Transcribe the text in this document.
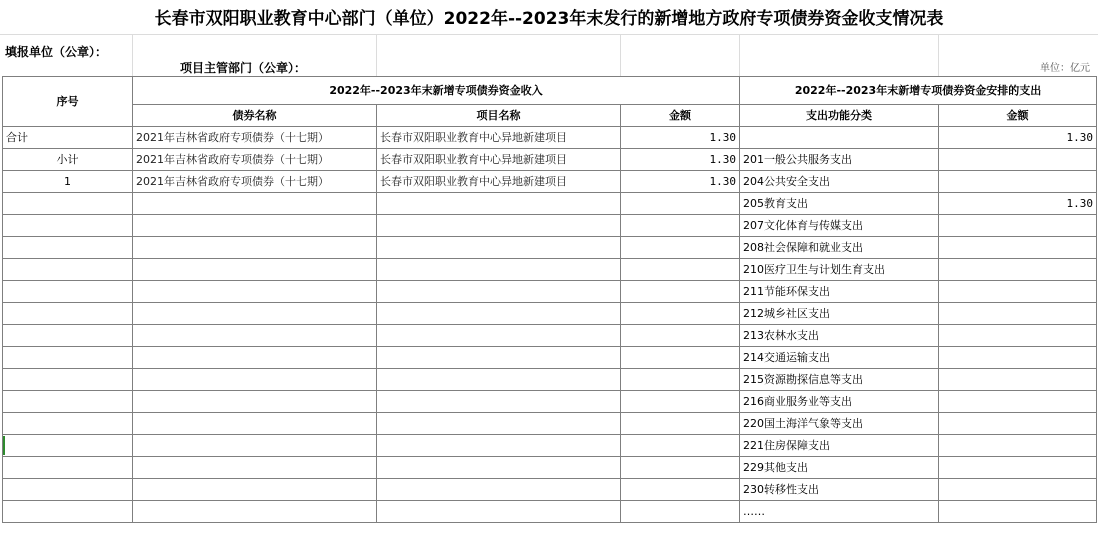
长春市双阳职业教育中心部门（单位）2022年--2023年末发行的新增地方政府专项债券资金收支情况表
填报单位（公章）：
项目主管部门（公章）：	单位：亿元
序号	2022年--2023年末新增专项债券资金收入			2022年--2023年末新增专项债券资金安排的支出	
	债券名称	项目名称	金额	支出功能分类	金额
合计	2021年吉林省政府专项债券（十七期）	长春市双阳职业教育中心异地新建项目	1.30		1.30
小计	2021年吉林省政府专项债券（十七期）	长春市双阳职业教育中心异地新建项目	1.30	201一般公共服务支出	
1	2021年吉林省政府专项债券（十七期）	长春市双阳职业教育中心异地新建项目	1.30	204公共安全支出	
				205教育支出	1.30
				207文化体育与传媒支出	
				208社会保障和就业支出	
				210医疗卫生与计划生育支出	
				211节能环保支出	
				212城乡社区支出	
				213农林水支出	
				214交通运输支出	
				215资源勘探信息等支出	
				216商业服务业等支出	
				220国土海洋气象等支出	
				221住房保障支出	
				229其他支出	
				230转移性支出	
				……	
